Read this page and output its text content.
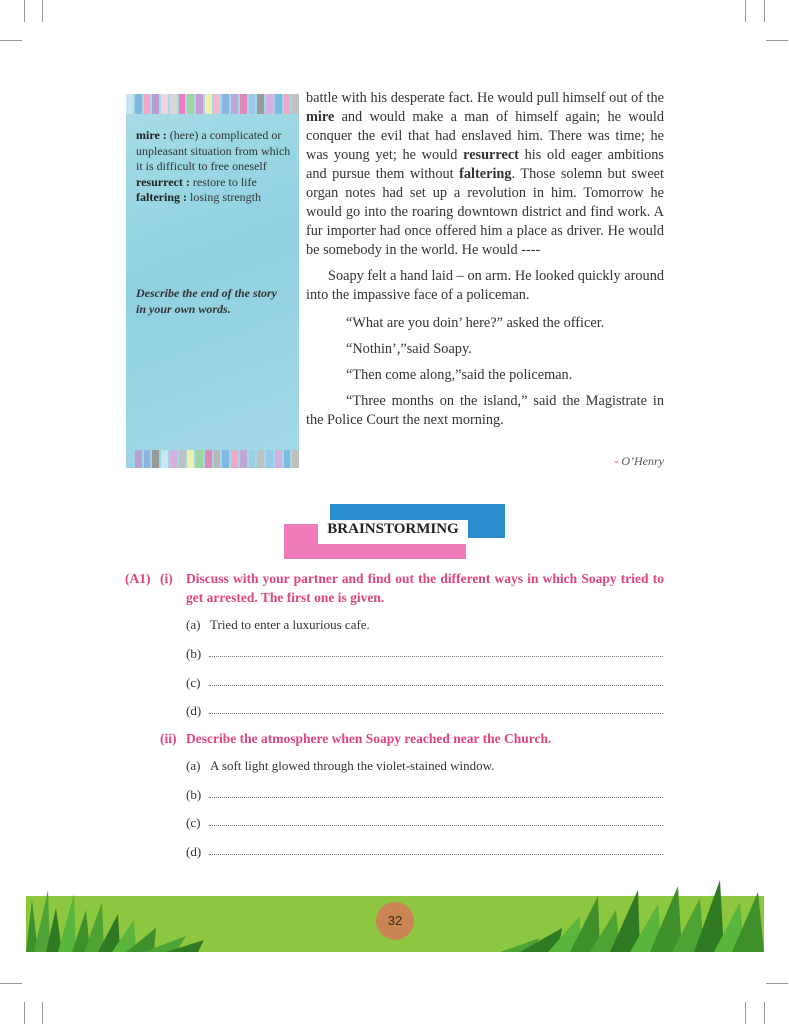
mire : (here) a complicated or unpleasant situation from which it is difficult to free oneself

resurrect : restore to life

faltering : losing strength

Describe the end of the story in your own words.

battle with his desperate fact. He would pull himself out of the mire and would make a man of himself again; he would conquer the evil that had enslaved him. There was time; he was young yet; he would resurrect his old eager ambitions and pursue them without faltering. Those solemn but sweet organ notes had set up a revolution in him. Tomorrow he would go into the roaring downtown district and find work. A fur importer had once offered him a place as driver. He would be somebody in the world. He would ----

Soapy felt a hand laid – on arm. He looked quickly around into the impassive face of a policeman.

“What are you doin’ here?” asked the officer.

“Nothin’,”said Soapy.

“Then come along,”said the policeman.

“Three months on the island,” said the Magistrate in the Police Court the next morning.

- O’Henry
BRAINSTORMING
(A1) (i) Discuss with your partner and find out the different ways in which Soapy tried to get arrested. The first one is given.
(a) Tried to enter a luxurious cafe.
(b)
(c)
(d)
(ii) Describe the atmosphere when Soapy reached near the Church.
(a) A soft light glowed through the violet-stained window.
(b)
(c)
(d)
32
